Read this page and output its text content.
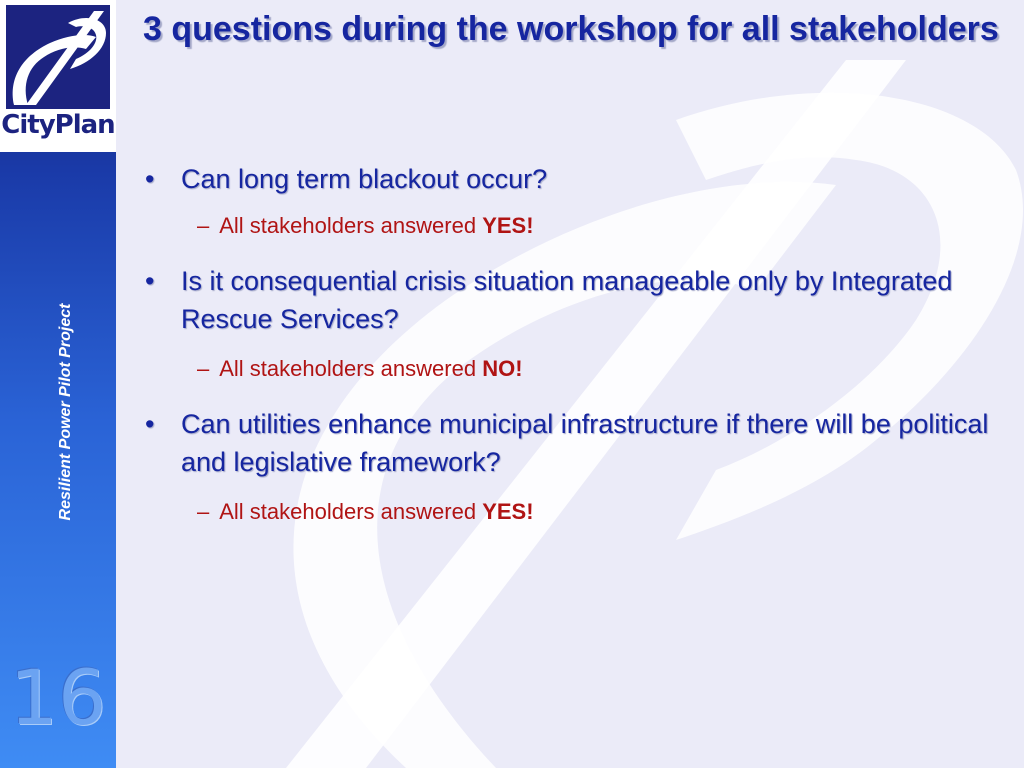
CityPlan
Resilient Power Pilot Project
16
3 questions during the workshop for all stakeholders
• Can long term blackout occur?
– All stakeholders answered YES!
• Is it consequential crisis situation manageable only by Integrated Rescue Services?
– All stakeholders answered NO!
• Can utilities enhance municipal infrastructure if there will be political and legislative framework?
– All stakeholders answered YES!
